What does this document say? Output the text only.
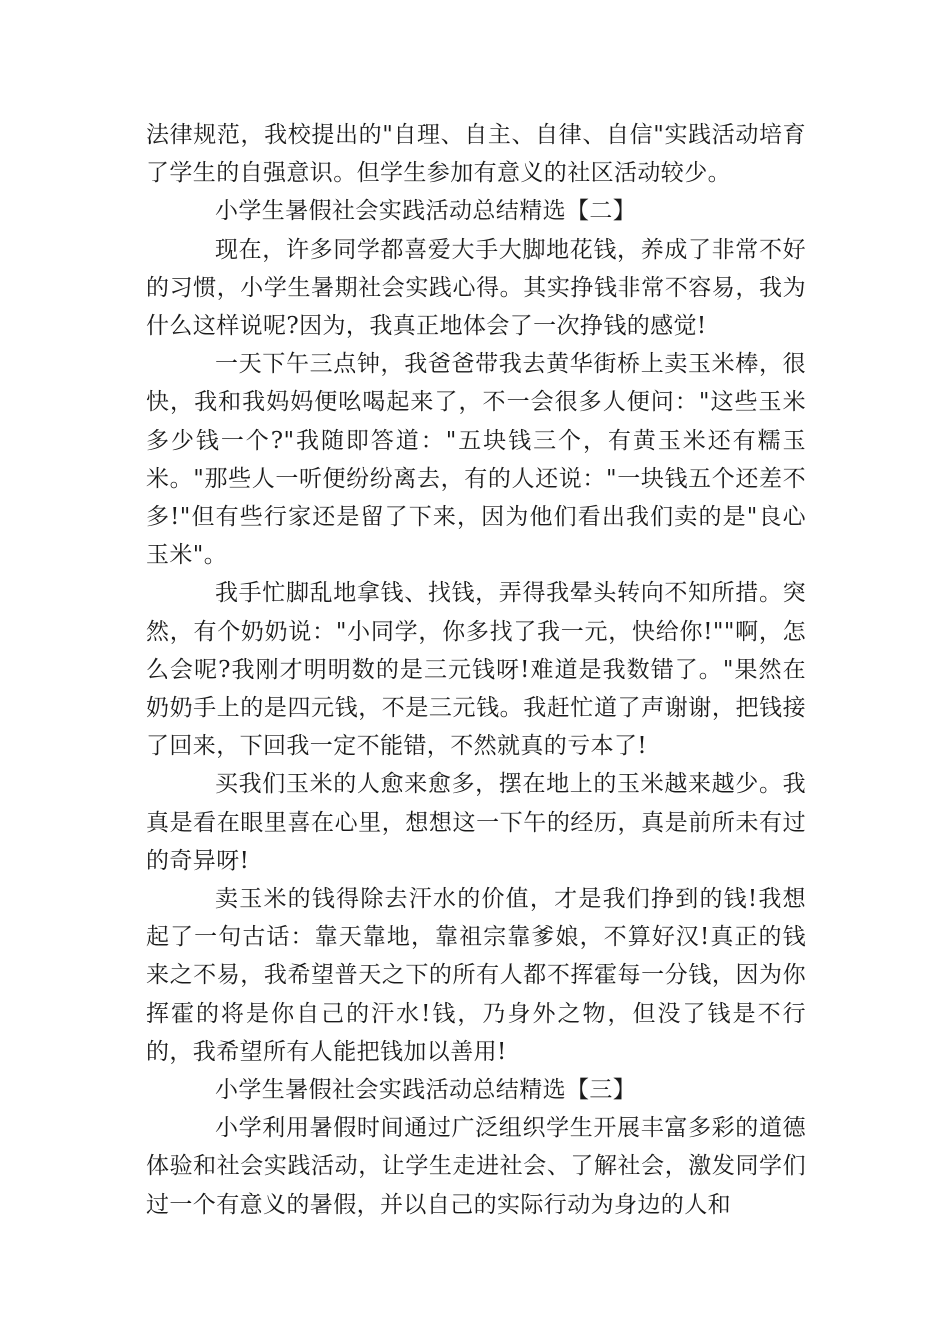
法律规范，我校提出的"自理、自主、自律、自信"实践活动培育了学生的自强意识。但学生参加有意义的社区活动较少。

小学生暑假社会实践活动总结精选【二】

现在，许多同学都喜爱大手大脚地花钱，养成了非常不好的习惯，小学生暑期社会实践心得。其实挣钱非常不容易，我为什么这样说呢?因为，我真正地体会了一次挣钱的感觉!

一天下午三点钟，我爸爸带我去黄华街桥上卖玉米棒，很快，我和我妈妈便吆喝起来了，不一会很多人便问："这些玉米多少钱一个?"我随即答道："五块钱三个，有黄玉米还有糯玉米。"那些人一听便纷纷离去，有的人还说："一块钱五个还差不多!"但有些行家还是留了下来，因为他们看出我们卖的是"良心玉米"。

我手忙脚乱地拿钱、找钱，弄得我晕头转向不知所措。突然，有个奶奶说："小同学，你多找了我一元，快给你!""啊，怎么会呢?我刚才明明数的是三元钱呀!难道是我数错了。"果然在奶奶手上的是四元钱，不是三元钱。我赶忙道了声谢谢，把钱接了回来，下回我一定不能错，不然就真的亏本了!

买我们玉米的人愈来愈多，摆在地上的玉米越来越少。我真是看在眼里喜在心里，想想这一下午的经历，真是前所未有过的奇异呀!

卖玉米的钱得除去汗水的价值，才是我们挣到的钱!我想起了一句古话：靠天靠地，靠祖宗靠爹娘，不算好汉!真正的钱来之不易，我希望普天之下的所有人都不挥霍每一分钱，因为你挥霍的将是你自己的汗水!钱，乃身外之物，但没了钱是不行的，我希望所有人能把钱加以善用!

小学生暑假社会实践活动总结精选【三】

小学利用暑假时间通过广泛组织学生开展丰富多彩的道德体验和社会实践活动，让学生走进社会、了解社会，激发同学们过一个有意义的暑假，并以自己的实际行动为身边的人和
